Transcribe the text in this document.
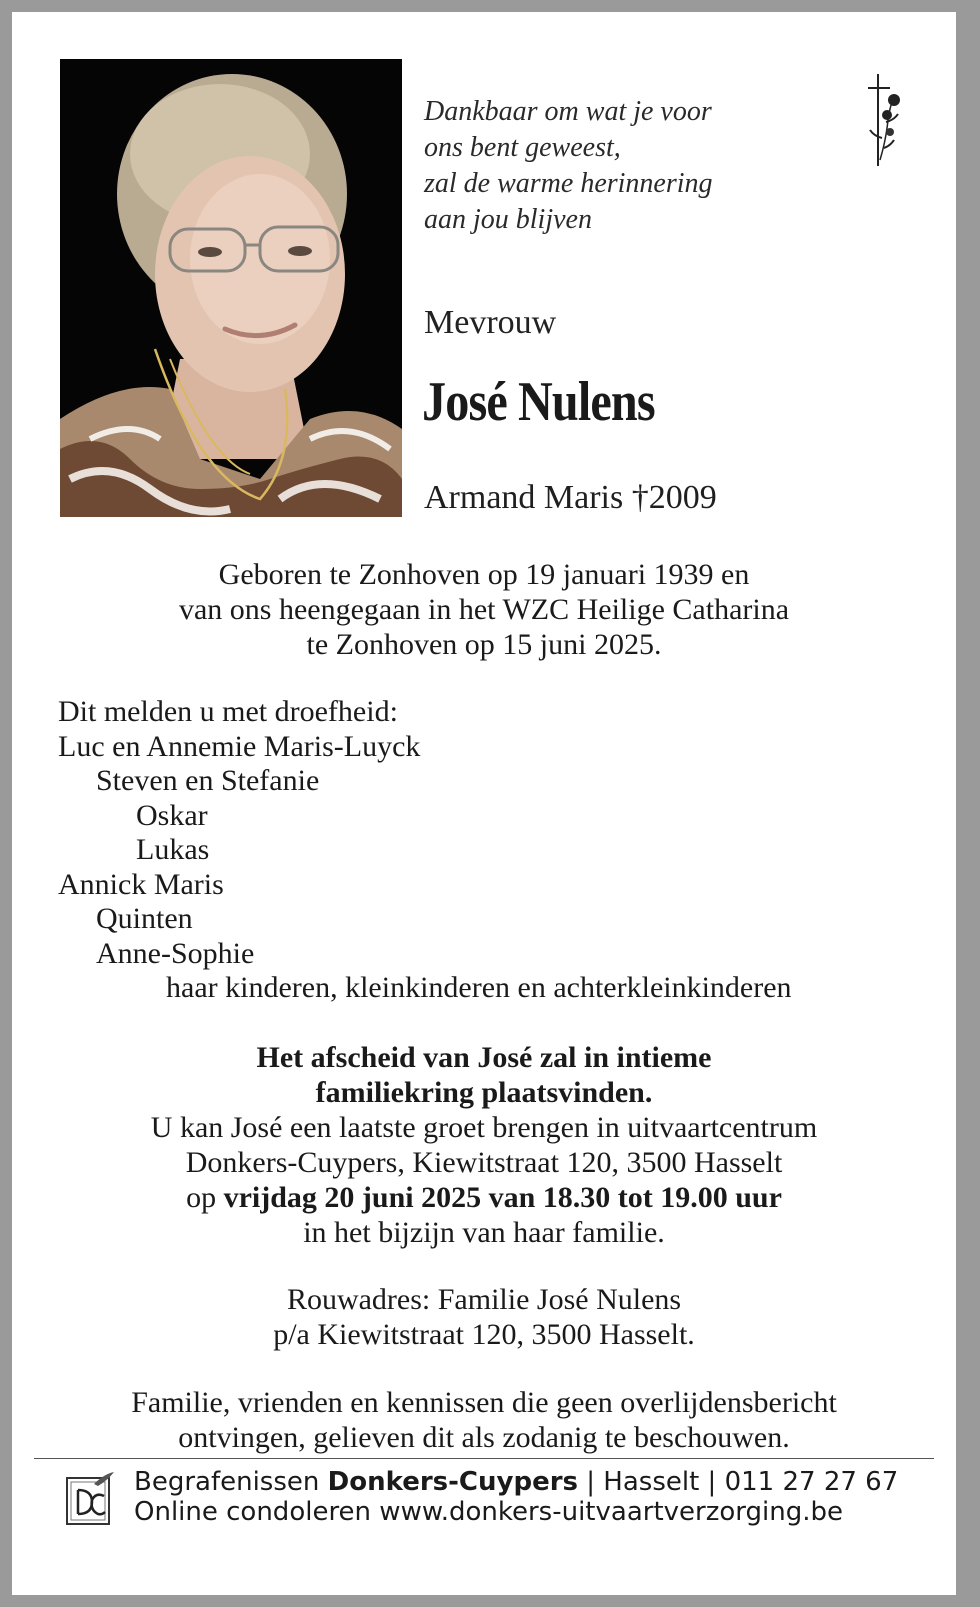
Dankbaar om wat je voor
ons bent geweest,
zal de warme herinnering
aan jou blijven
Mevrouw
José Nulens
Armand Maris †2009
Geboren te Zonhoven op 19 januari 1939 en
van ons heengegaan in het WZC Heilige Catharina
te Zonhoven op 15 juni 2025.
Dit melden u met droefheid:
Luc en Annemie Maris-Luyck
Steven en Stefanie
Oskar
Lukas
Annick Maris
Quinten
Anne-Sophie
haar kinderen, kleinkinderen en achterkleinkinderen
Het afscheid van José zal in intieme
familiekring plaatsvinden.
U kan José een laatste groet brengen in uitvaartcentrum
Donkers-Cuypers, Kiewitstraat 120, 3500 Hasselt
op vrijdag 20 juni 2025 van 18.30 tot 19.00 uur
in het bijzijn van haar familie.
Rouwadres: Familie José Nulens
p/a Kiewitstraat 120, 3500 Hasselt.
Familie, vrienden en kennissen die geen overlijdensbericht
ontvingen, gelieven dit als zodanig te beschouwen.
Begrafenissen Donkers-Cuypers | Hasselt | 011 27 27 67
Online condoleren www.donkers-uitvaartverzorging.be
